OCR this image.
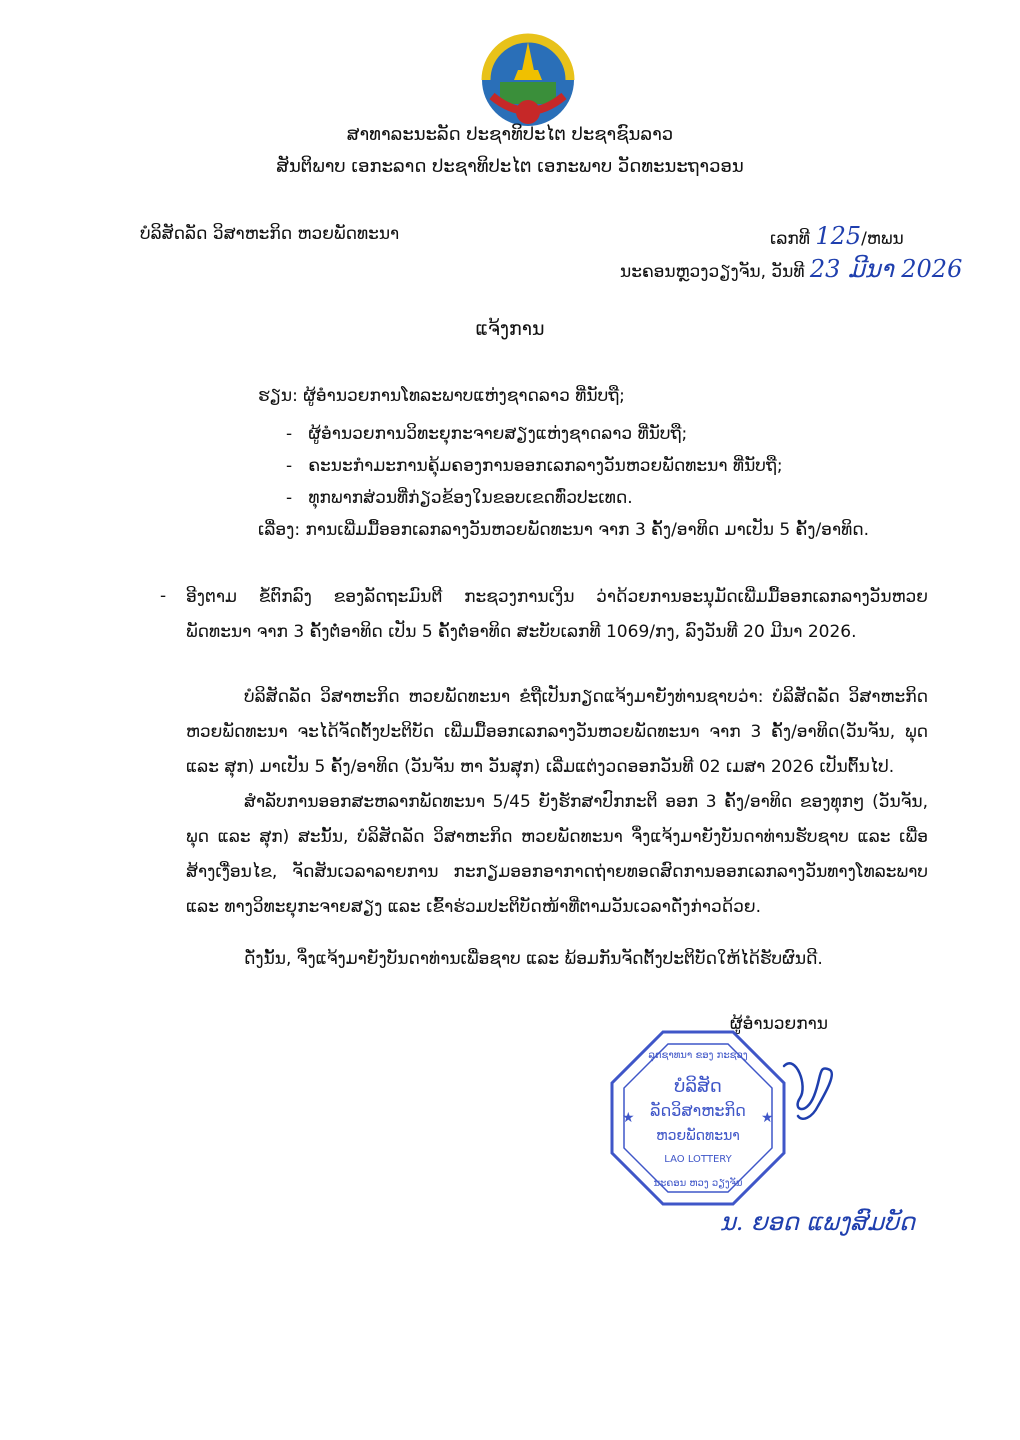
ສາທາລະນະລັດ ປະຊາທິປະໄຕ ປະຊາຊົນລາວ
ສັນຕິພາບ ເອກະລາດ ປະຊາທິປະໄຕ ເອກະພາບ ວັດທະນະຖາວອນ
ບໍລິສັດລັດ ວິສາຫະກິດ ຫວຍພັດທະນາ	ເລກທີ 125/ຫພນ
ນະຄອນຫຼວງວຽງຈັນ, ວັນທີ 23 ມີນາ 2026
ແຈ້ງການ
ຮຽນ: ຜູ້ອຳນວຍການໂທລະພາບແຫ່ງຊາດລາວ ທີ່ນັບຖື;
- ຜູ້ອຳນວຍການວິທະຍຸກະຈາຍສຽງແຫ່ງຊາດລາວ ທີ່ນັບຖື;
- ຄະນະກຳມະການຄຸ້ມຄອງການອອກເລກລາງວັນຫວຍພັດທະນາ ທີ່ນັບຖື;
- ທຸກພາກສ່ວນທີ່ກ່ຽວຂ້ອງໃນຂອບເຂດທົ່ວປະເທດ.
ເລື່ອງ: ການເພີ່ມມື້ອອກເລກລາງວັນຫວຍພັດທະນາ ຈາກ 3 ຄັ້ງ/ອາທິດ ມາເປັນ 5 ຄັ້ງ/ອາທິດ.
- ອີງຕາມ ຂໍ້ຕົກລົງ ຂອງລັດຖະມົນຕີ ກະຊວງການເງິນ ວ່າດ້ວຍການອະນຸມັດເພີ່ມມື້ອອກເລກລາງວັນຫວຍ ພັດທະນາ ຈາກ 3 ຄັ້ງຕໍ່ອາທິດ ເປັນ 5 ຄັ້ງຕໍ່ອາທິດ ສະບັບເລກທີ 1069/ກງ, ລົງວັນທີ 20 ມີນາ 2026.
ບໍລິສັດລັດ ວິສາຫະກິດ ຫວຍພັດທະນາ ຂໍຖືເປັນກຽດແຈ້ງມາຍັງທ່ານຊາບວ່າ: ບໍລິສັດລັດ ວິສາຫະກິດ ຫວຍພັດທະນາ ຈະໄດ້ຈັດຕັ້ງປະຕິບັດ ເພີ່ມມື້ອອກເລກລາງວັນຫວຍພັດທະນາ ຈາກ 3 ຄັ້ງ/ອາທິດ(ວັນຈັນ, ພຸດ ແລະ ສຸກ) ມາເປັນ 5 ຄັ້ງ/ອາທິດ (ວັນຈັນ ຫາ ວັນສຸກ) ເລີ່ມແຕ່ງວດອອກວັນທີ 02 ເມສາ 2026 ເປັນຕົ້ນໄປ.
ສຳລັບການອອກສະຫລາກພັດທະນາ 5/45 ຍັງຮັກສາປົກກະຕິ ອອກ 3 ຄັ້ງ/ອາທິດ ຂອງທຸກໆ (ວັນຈັນ, ພຸດ ແລະ ສຸກ) ສະນັ້ນ, ບໍລິສັດລັດ ວິສາຫະກິດ ຫວຍພັດທະນາ ຈຶ່ງແຈ້ງມາຍັງບັນດາທ່ານຮັບຊາບ ແລະ ເພື່ອສ້າງເງື່ອນໄຂ, ຈັດສັນເວລາລາຍການ ກະກຽມອອກອາກາດຖ່າຍທອດສົດການອອກເລກລາງວັນທາງໂທລະພາບ ແລະ ທາງວິທະຍຸກະຈາຍສຽງ ແລະ ເຂົ້າຮ່ວມປະຕິບັດໜ້າທີ່ຕາມວັນເວລາດັ່ງກ່າວດ້ວຍ.
ດັ່ງນັ້ນ, ຈຶ່ງແຈ້ງມາຍັງບັນດາທ່ານເພື່ອຊາບ ແລະ ພ້ອມກັນຈັດຕັ້ງປະຕິບັດໃຫ້ໄດ້ຮັບຜົນດີ.
ຜູ້ອຳນວຍການ
ລຸດຊາທນາ ຂອງ ກະຊວງ
ບໍລິສັດ
ລັດວິສາຫະກິດ
ຫວຍພັດທະນາ
LAO LOTTERY
ນະຄອນ ຫວງ ວຽງຈັນ
★	★
ນ. ຍອດ ແພງສົມບັດ
